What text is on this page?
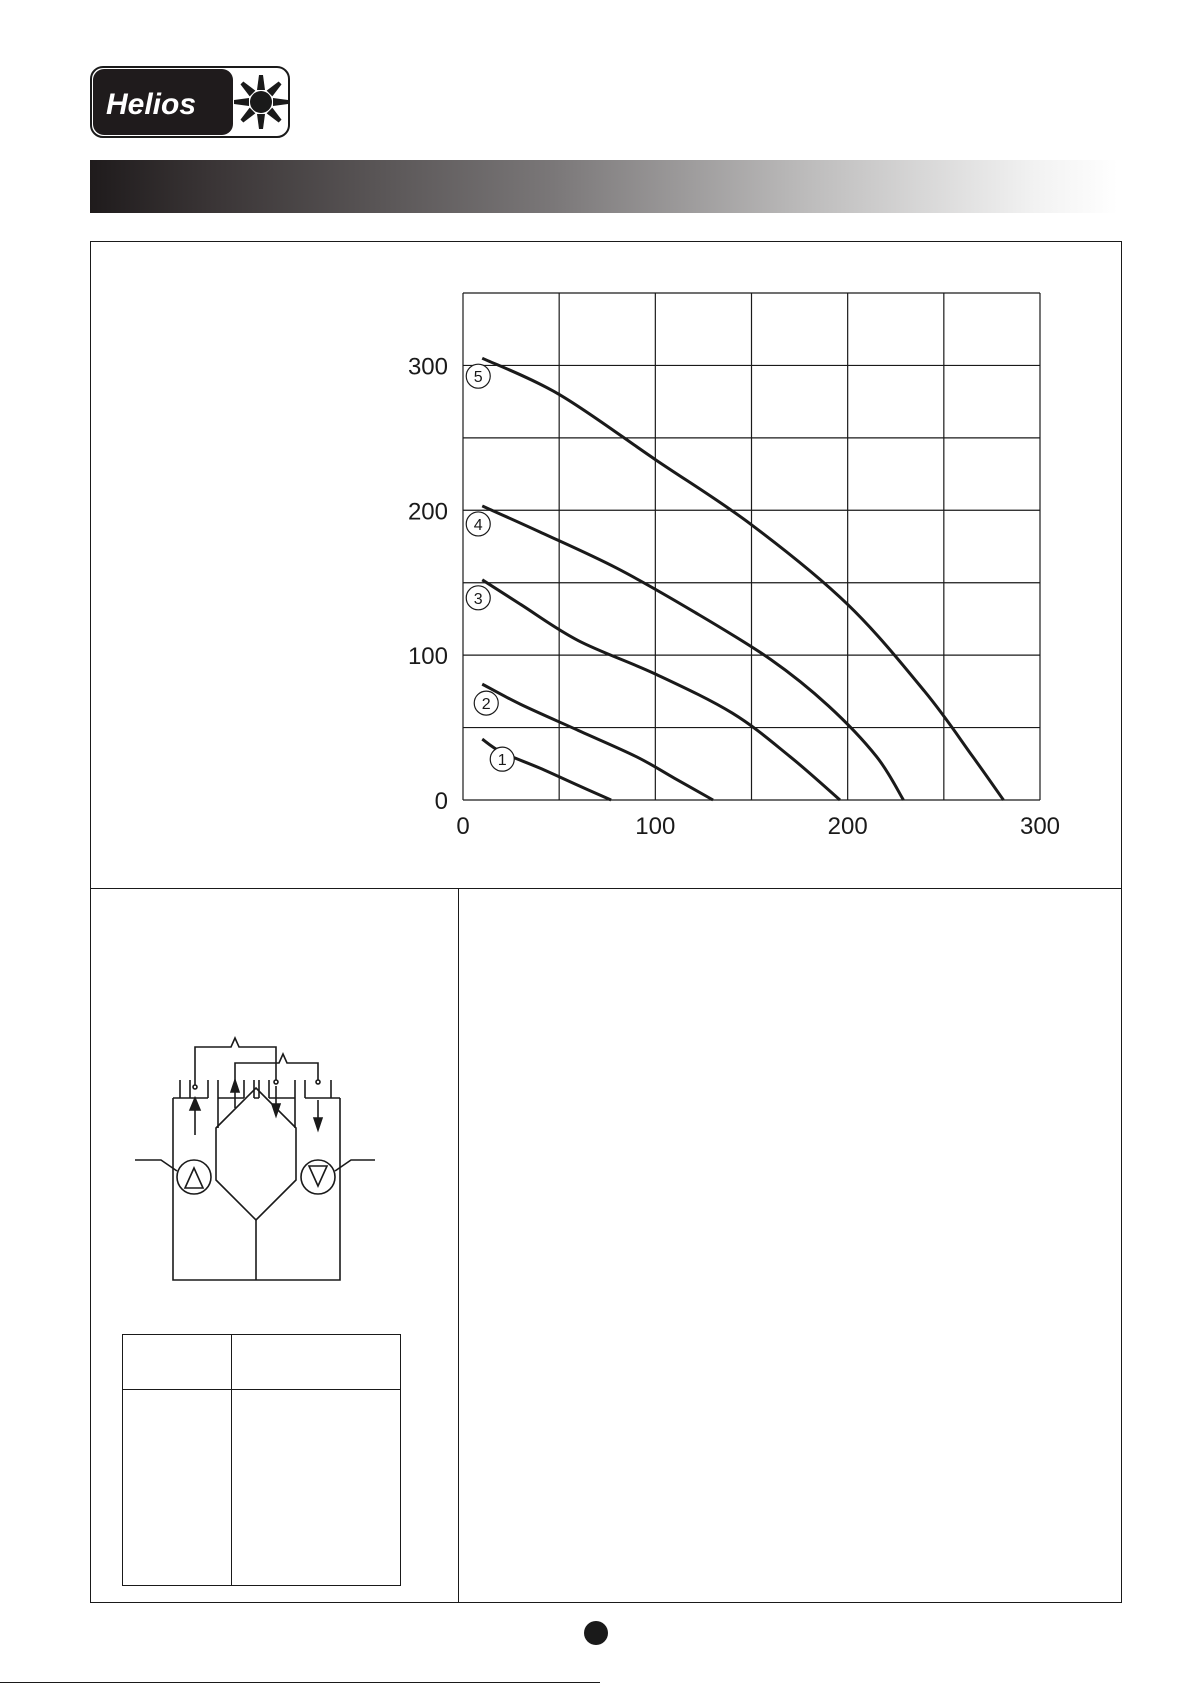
Helios
0	100	200	300
0
100
200
300
1
2
3
4
5
